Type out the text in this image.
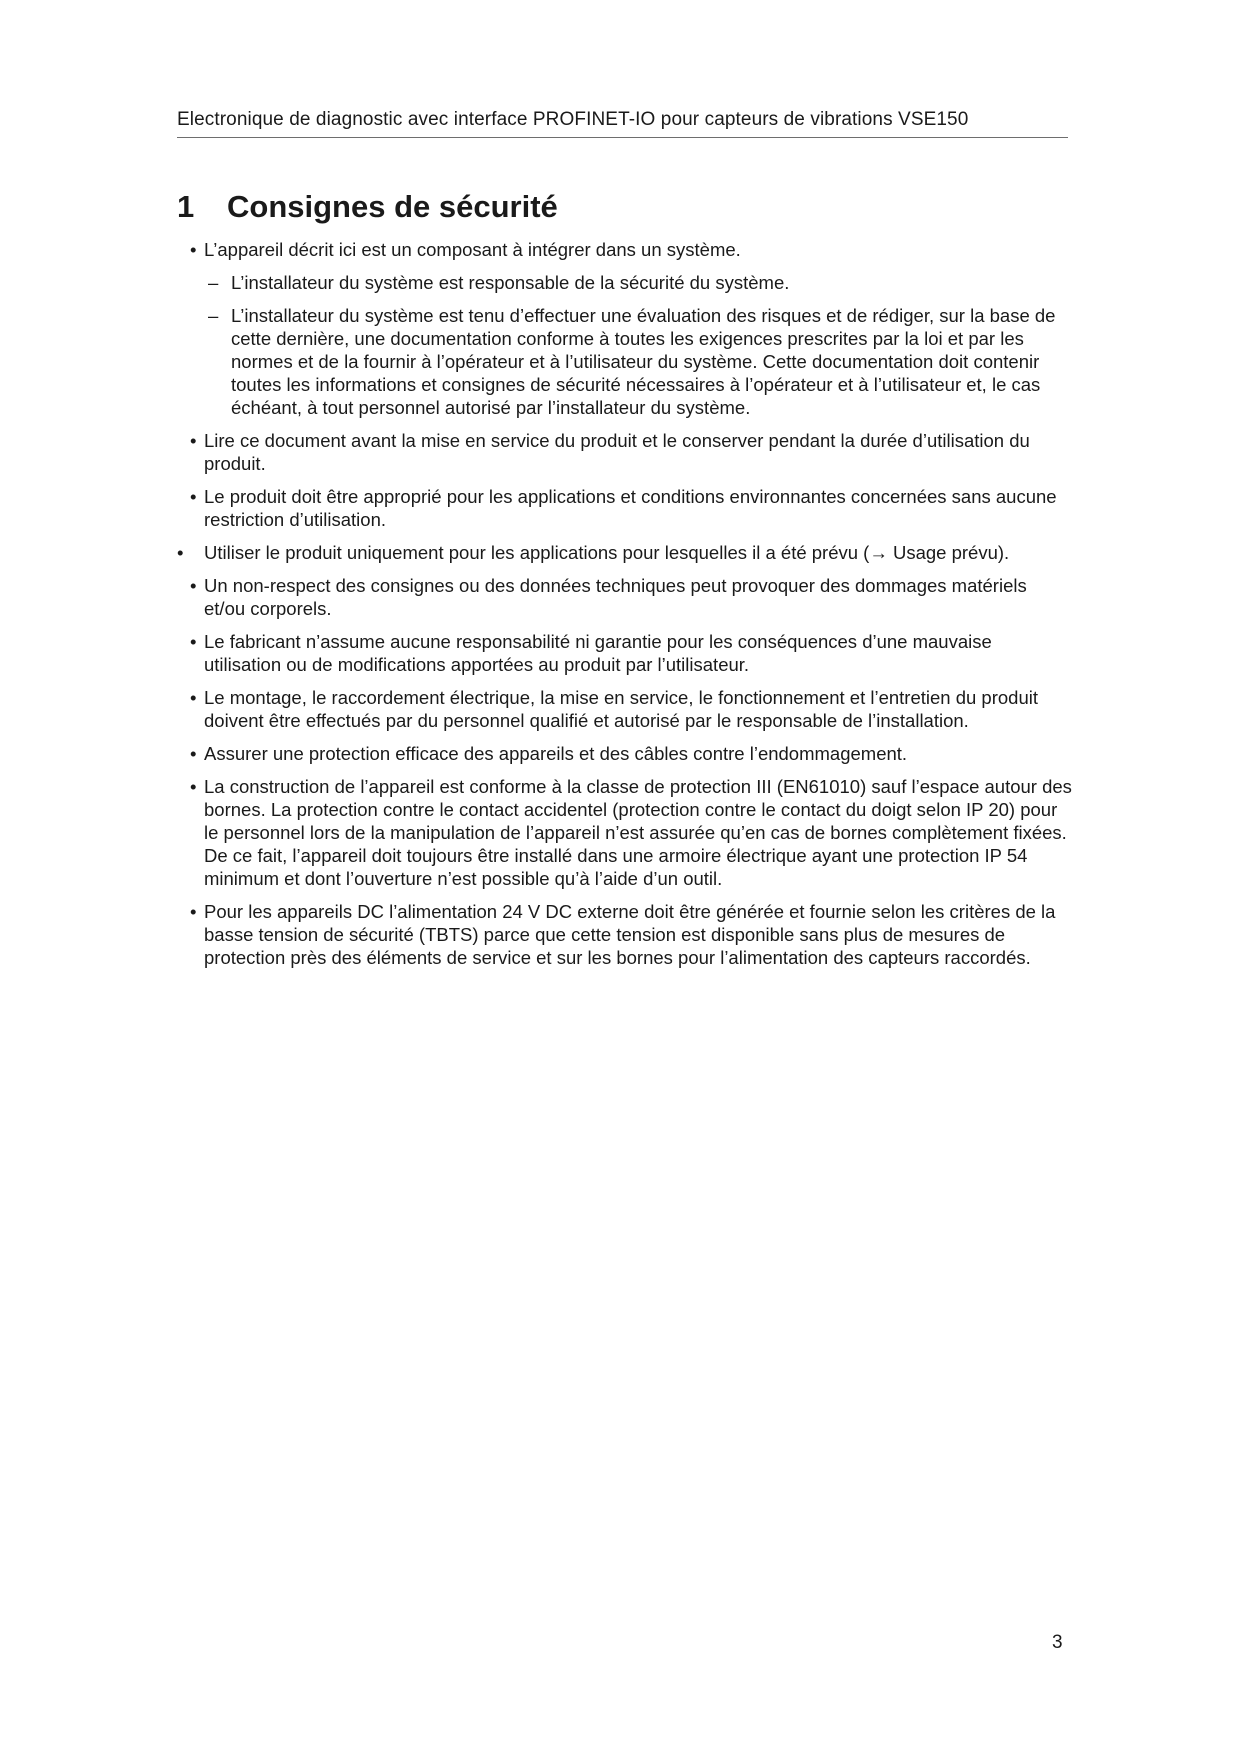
Electronique de diagnostic avec interface PROFINET-IO pour capteurs de vibrations VSE150
1 Consignes de sécurité
• L’appareil décrit ici est un composant à intégrer dans un système.
– L’installateur du système est responsable de la sécurité du système.
– L’installateur du système est tenu d’effectuer une évaluation des risques et de rédiger, sur la base de cette dernière, une documentation conforme à toutes les exigences prescrites par la loi et par les normes et de la fournir à l’opérateur et à l’utilisateur du système. Cette documentation doit contenir toutes les informations et consignes de sécurité nécessaires à l’opérateur et à l’utilisateur et, le cas échéant, à tout personnel autorisé par l’installateur du système.
• Lire ce document avant la mise en service du produit et le conserver pendant la durée d’utilisation du produit.
• Le produit doit être approprié pour les applications et conditions environnantes concernées sans aucune restriction d’utilisation.
• Utiliser le produit uniquement pour les applications pour lesquelles il a été prévu (→ Usage prévu).
• Un non-respect des consignes ou des données techniques peut provoquer des dommages matériels et/ou corporels.
• Le fabricant n’assume aucune responsabilité ni garantie pour les conséquences d’une mauvaise utilisation ou de modifications apportées au produit par l’utilisateur.
• Le montage, le raccordement électrique, la mise en service, le fonctionnement et l’entretien du produit doivent être effectués par du personnel qualifié et autorisé par le responsable de l’installation.
• Assurer une protection efficace des appareils et des câbles contre l’endommagement.
• La construction de l’appareil est conforme à la classe de protection III (EN61010) sauf l’espace autour des bornes. La protection contre le contact accidentel (protection contre le contact du doigt selon IP 20) pour le personnel lors de la manipulation de l’appareil n’est assurée qu’en cas de bornes complètement fixées. De ce fait, l’appareil doit toujours être installé dans une armoire électrique ayant une protection IP 54 minimum et dont l’ouverture n’est possible qu’à l’aide d’un outil.
• Pour les appareils DC l’alimentation 24 V DC externe doit être générée et fournie selon les critères de la basse tension de sécurité (TBTS) parce que cette tension est disponible sans plus de mesures de protection près des éléments de service et sur les bornes pour l’alimentation des capteurs raccordés.
3
